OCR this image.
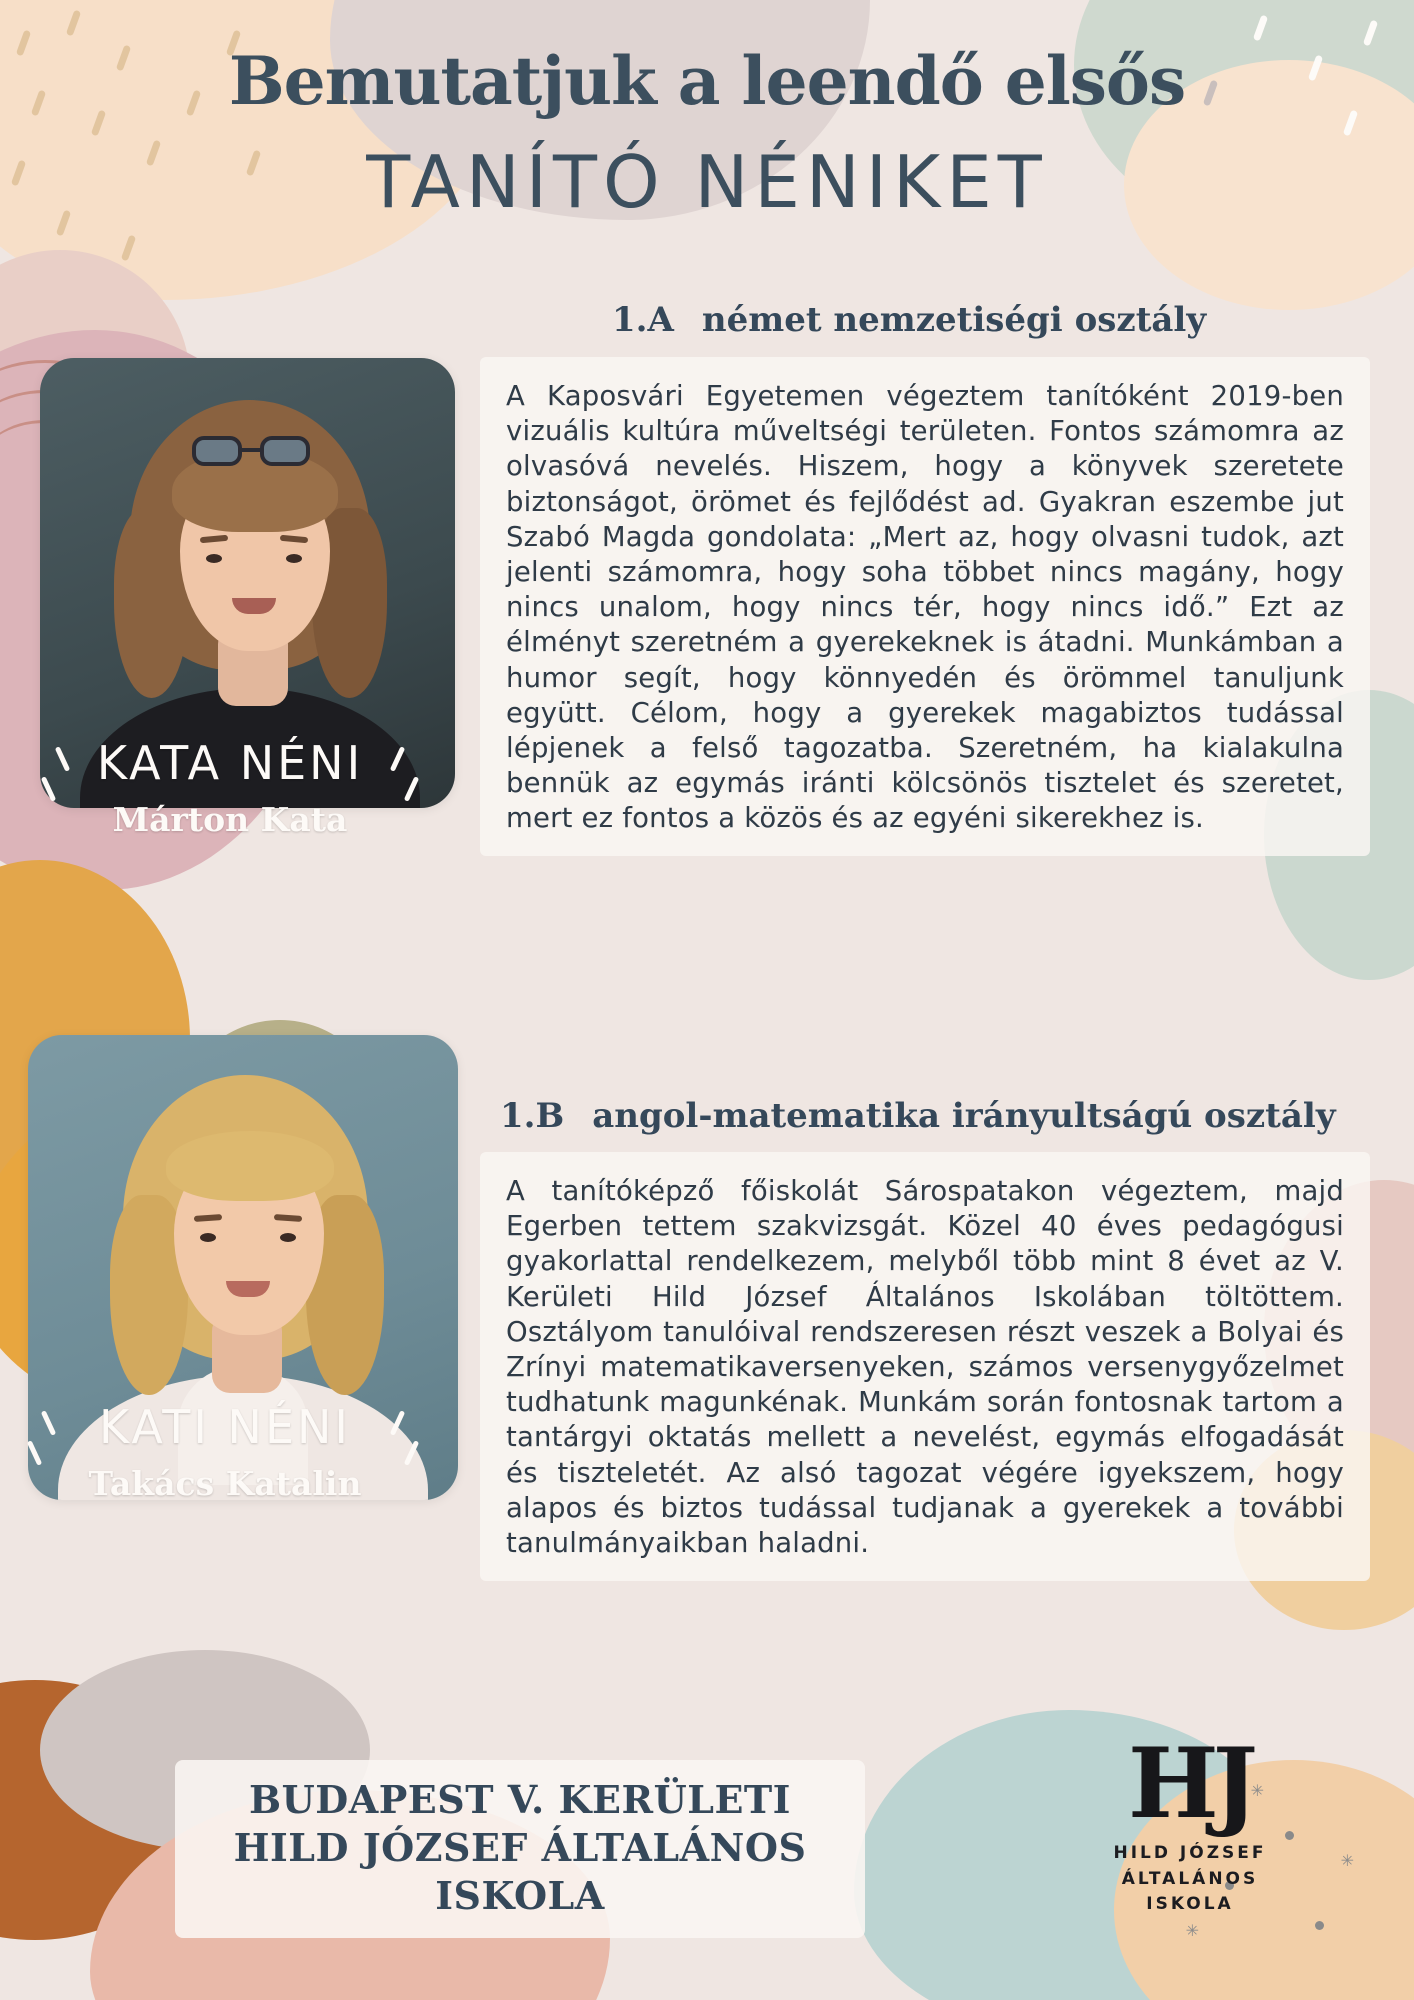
✳
✳
✳
Bemutatjuk a leendő elsős
TANÍTÓ NÉNIKET
1.A német nemzetiségi osztály
A Kaposvári Egyetemen végeztem tanítóként 2019-ben vizuális kultúra műveltségi területen. Fontos számomra az olvasóvá nevelés. Hiszem, hogy a könyvek szeretete biztonságot, örömet és fejlődést ad. Gyakran eszembe jut Szabó Magda gondolata: „Mert az, hogy olvasni tudok, azt jelenti számomra, hogy soha többet nincs magány, hogy nincs unalom, hogy nincs tér, hogy nincs idő.” Ezt az élményt szeretném a gyerekeknek is átadni. Munkámban a humor segít, hogy könnyedén és örömmel tanuljunk együtt. Célom, hogy a gyerekek magabiztos tudással lépjenek a felső tagozatba. Szeretném, ha kialakulna bennük az egymás iránti kölcsönös tisztelet és szeretet, mert ez fontos a közös és az egyéni sikerekhez is.
1.B angol-matematika irányultságú osztály
A tanítóképző főiskolát Sárospatakon végeztem, majd Egerben tettem szakvizsgát. Közel 40 éves pedagógusi gyakorlattal rendelkezem, melyből több mint 8 évet az V. Kerületi Hild József Általános Iskolában töltöttem. Osztályom tanulóival rendszeresen részt veszek a Bolyai és Zrínyi matematikaversenyeken, számos versenygyőzelmet tudhatunk magunkénak. Munkám során fontosnak tartom a tantárgyi oktatás mellett a nevelést, egymás elfogadását és tiszteletét. Az alsó tagozat végére igyekszem, hogy alapos és biztos tudással tudjanak a gyerekek a további tanulmányaikban haladni.
KATA NÉNI
Márton Kata
KATI NÉNI
Takács Katalin
BUDAPEST V. KERÜLETI
HILD JÓZSEF ÁLTALÁNOS ISKOLA
HJ
HILD JÓZSEF
ÁLTALÁNOS
ISKOLA
